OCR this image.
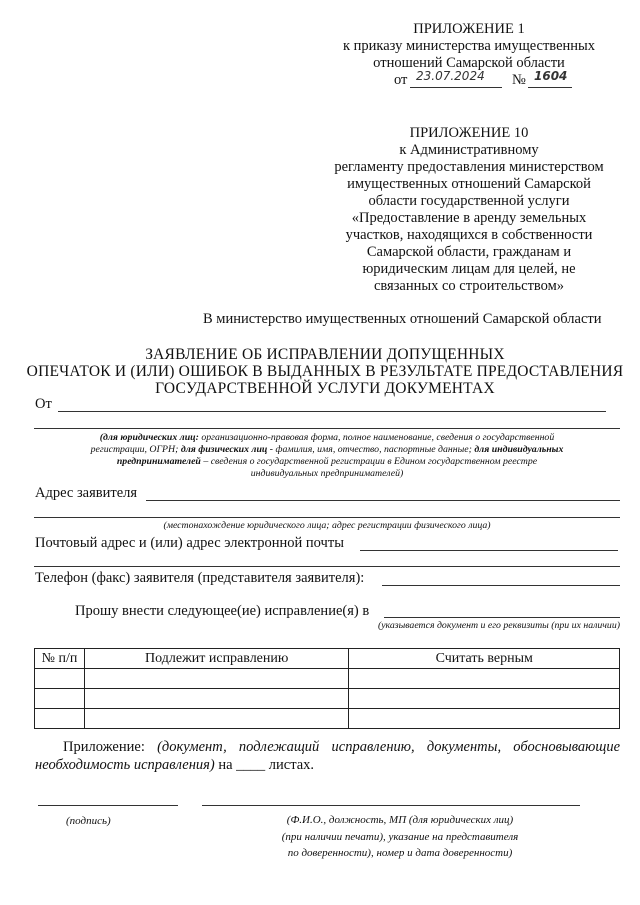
ПРИЛОЖЕНИЕ 1
к приказу министерства имущественных
отношений Самарской области
от 23.07.2024 № 1604
ПРИЛОЖЕНИЕ 10
к Административному
регламенту предоставления министерством
имущественных отношений Самарской
области государственной услуги
«Предоставление в аренду земельных
участков, находящихся в собственности
Самарской области, гражданам и
юридическим лицам для целей, не
связанных со строительством»
В министерство имущественных отношений Самарской области
ЗАЯВЛЕНИЕ ОБ ИСПРАВЛЕНИИ ДОПУЩЕННЫХ
ОПЕЧАТОК И (ИЛИ) ОШИБОК В ВЫДАННЫХ В РЕЗУЛЬТАТЕ ПРЕДОСТАВЛЕНИЯ
ГОСУДАРСТВЕННОЙ УСЛУГИ ДОКУМЕНТАХ
От
(для юридических лиц: организационно-правовая форма, полное наименование, сведения о государственной
регистрации, ОГРН; для физических лиц - фамилия, имя, отчество, паспортные данные; для индивидуальных
предпринимателей – сведения о государственной регистрации в Едином государственном реестре
индивидуальных предпринимателей)
Адрес заявителя
(местонахождение юридического лица; адрес регистрации физического лица)
Почтовый адрес и (или) адрес электронной почты
Телефон (факс) заявителя (представителя заявителя):
Прошу внести следующее(ие) исправление(я) в
(указывается документ и его реквизиты (при их наличии)
№ п/п	Подлежит исправлению	Считать верным

Приложение: (документ, подлежащий исправлению, документы, обосновывающие
необходимость исправления) на ____ листах.
(подпись)	(Ф.И.О., должность, МП (для юридических лиц)
(при наличии печати), указание на представителя
по доверенности), номер и дата доверенности)
